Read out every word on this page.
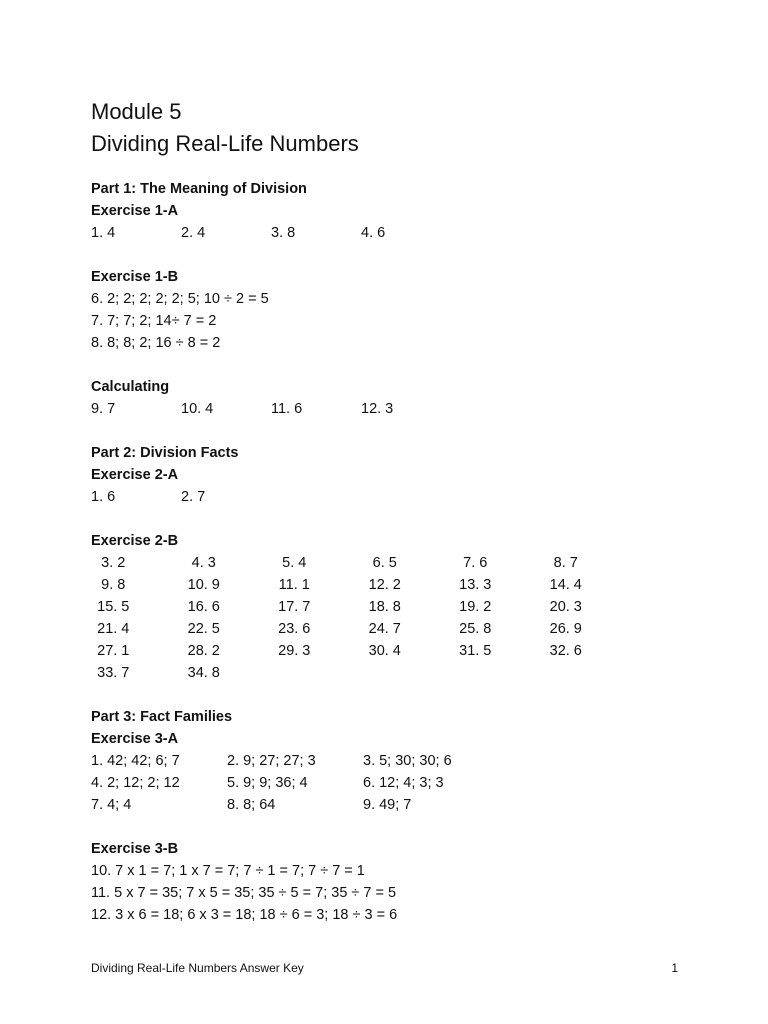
Module 5
Dividing Real-Life Numbers
Part 1: The Meaning of Division
Exercise 1-A
1. 4	2. 4	3. 8	4. 6
Exercise 1-B
6. 2; 2; 2; 2; 2; 5; 10 ÷ 2 = 5
7. 7; 7; 2; 14÷ 7 = 2
8. 8; 8; 2; 16 ÷ 8 = 2
Calculating
9. 7	10. 4	11. 6	12. 3
Part 2: Division Facts
Exercise 2-A
1. 6	2. 7
Exercise 2-B
3. 2	4. 3	5. 4	6. 5	7. 6	8. 7
9. 8	10. 9	11. 1	12. 2	13. 3	14. 4
15. 5	16. 6	17. 7	18. 8	19. 2	20. 3
21. 4	22. 5	23. 6	24. 7	25. 8	26. 9
27. 1	28. 2	29. 3	30. 4	31. 5	32. 6
33. 7	34. 8
Part 3: Fact Families
Exercise 3-A
1. 42; 42; 6; 7	2. 9; 27; 27; 3	3. 5; 30; 30; 6
4. 2; 12; 2; 12	5. 9; 9; 36; 4	6. 12; 4; 3; 3
7. 4; 4	8. 8; 64	9. 49; 7
Exercise 3-B
10. 7 x 1 = 7; 1 x 7 = 7; 7 ÷ 1 = 7; 7 ÷ 7 = 1
11. 5 x 7 = 35; 7 x 5 = 35; 35 ÷ 5 = 7; 35 ÷ 7 = 5
12. 3 x 6 = 18; 6 x 3 = 18; 18 ÷ 6 = 3; 18 ÷ 3 = 6
Dividing Real-Life Numbers Answer Key	1
